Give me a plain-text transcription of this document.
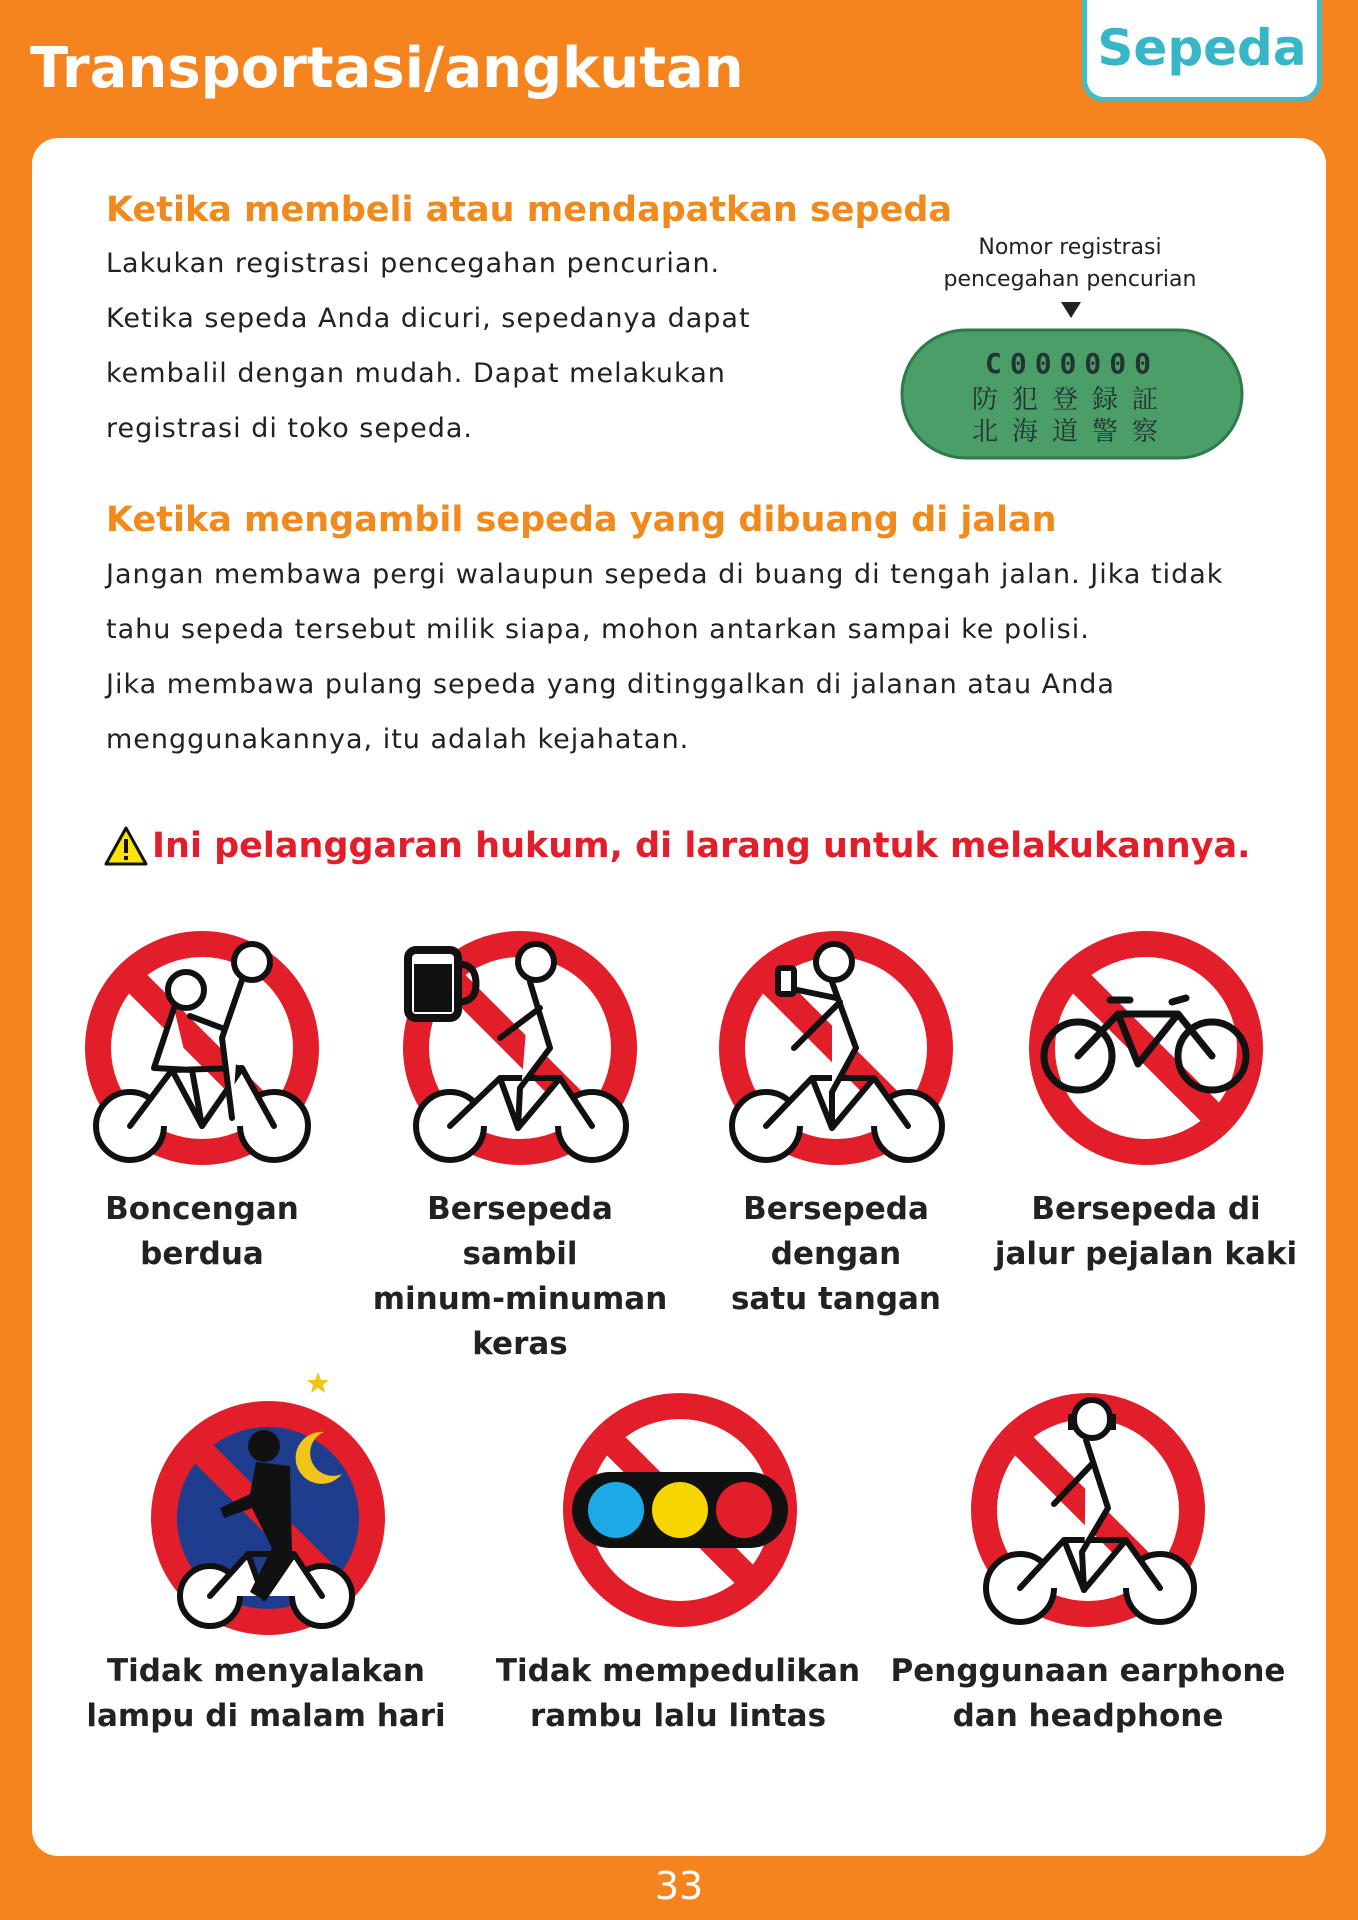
Transportasi/angkutan	Sepeda
Ketika membeli atau mendapatkan sepeda

Lakukan registrasi pencegahan pencurian.

Ketika sepeda Anda dicuri, sepedanya dapat

kembalil dengan mudah. Dapat melakukan

registrasi di toko sepeda.

Nomor registrasi
pencegahan pencurian
C000000
防犯登録証
北海道警察
Ketika mengambil sepeda yang dibuang di jalan

Jangan membawa pergi walaupun sepeda di buang di tengah jalan. Jika tidak

tahu sepeda tersebut milik siapa, mohon antarkan sampai ke polisi.

Jika membawa pulang sepeda yang ditinggalkan di jalanan atau Anda

menggunakannya, itu adalah kejahatan.

Ini pelanggaran hukum, di larang untuk melakukannya.
Boncengan
berdua
Bersepeda sambil
minum-minuman
keras
Bersepeda
dengan
satu tangan
Bersepeda di
jalur pejalan kaki
Tidak menyalakan
lampu di malam hari
Tidak mempedulikan
rambu lalu lintas
Penggunaan earphone
dan headphone
33
